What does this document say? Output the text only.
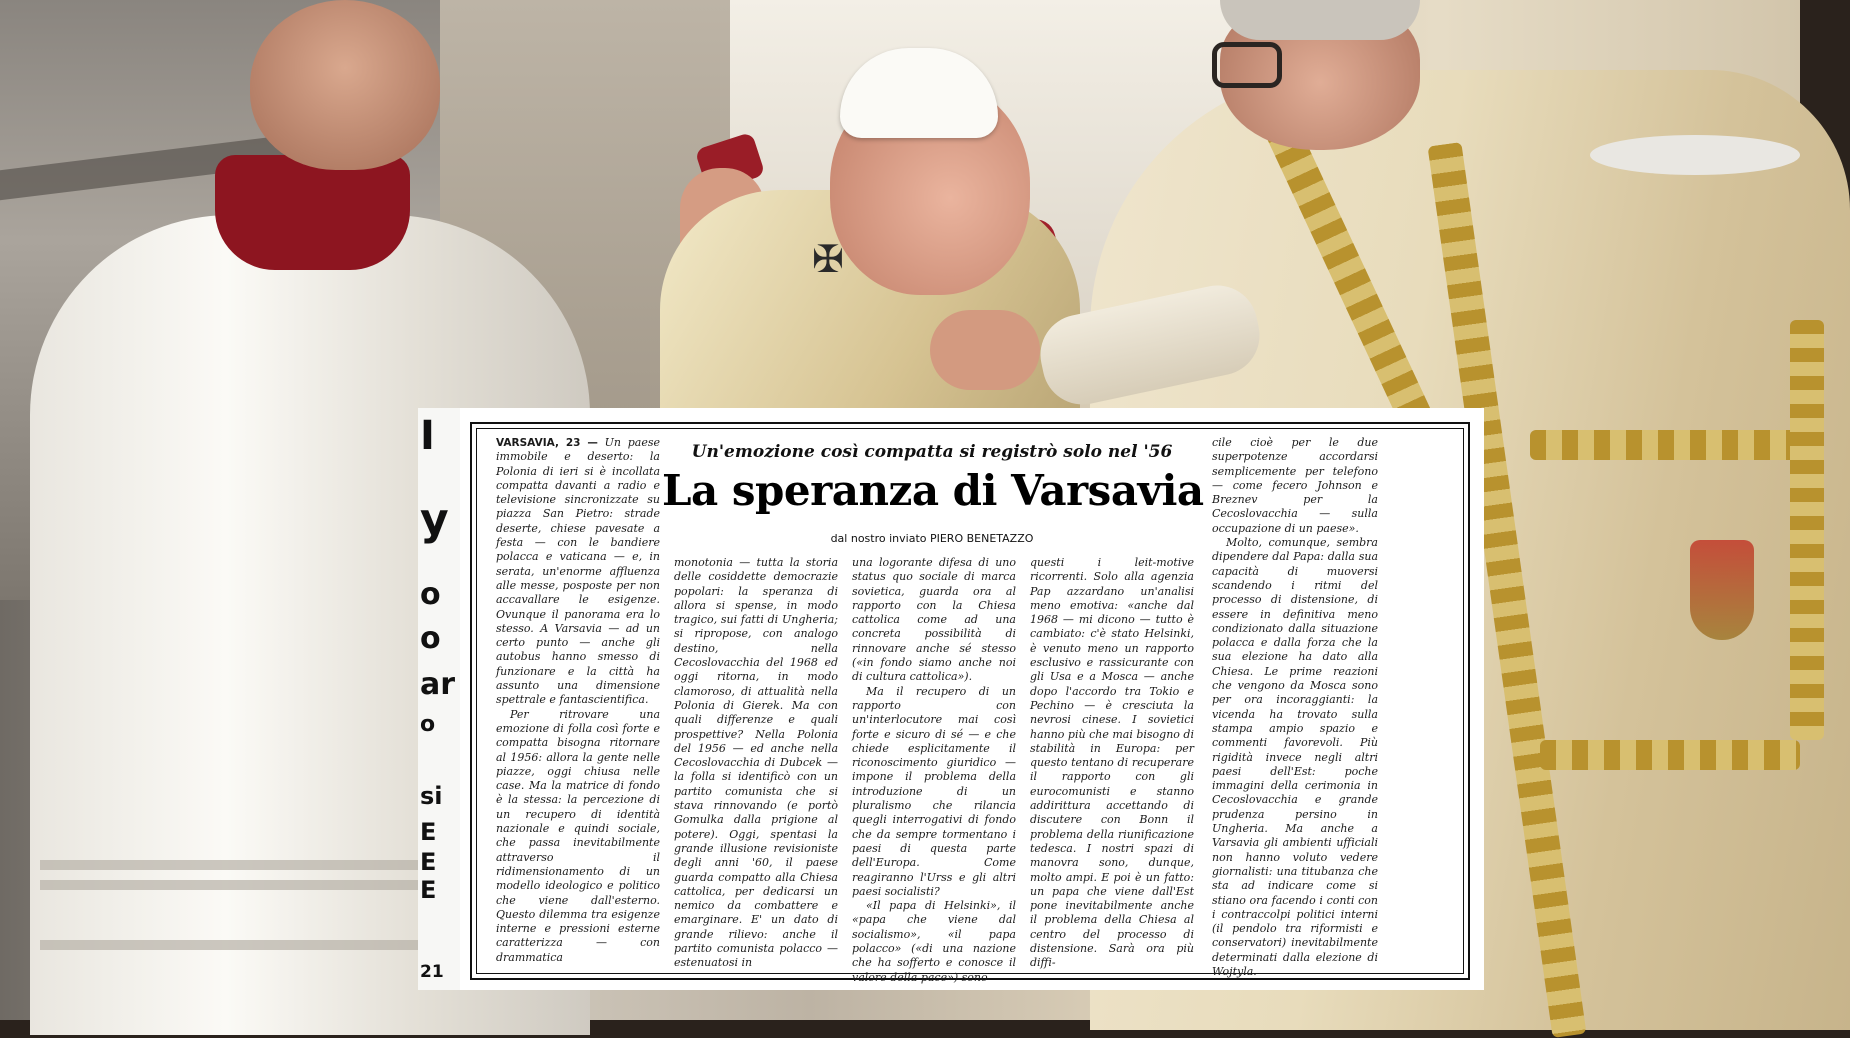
✠
I
y
o
o
ar
o
si
E
E
E
21
Un'emozione così compatta si registrò solo nel '56
La speranza di Varsavia
dal nostro inviato PIERO BENETAZZO

VARSAVIA, 23 — Un paese immobile e deserto: la Polonia di ieri si è incollata compatta davanti a radio e televisione sincronizzate su piazza San Pietro: strade deserte, chiese pavesate a festa — con le bandiere polacca e vaticana — e, in serata, un'enorme affluenza alle messe, posposte per non accavallare le esigenze. Ovunque il panorama era lo stesso. A Varsavia — ad un certo punto — anche gli autobus hanno smesso di funzionare e la città ha assunto una dimensione spettrale e fantascientifica.

Per ritrovare una emozione di folla così forte e compatta bisogna ritornare al 1956: allora la gente nelle piazze, oggi chiusa nelle case. Ma la matrice di fondo è la stessa: la percezione di un recupero di identità nazionale e quindi sociale, che passa inevitabilmente attraverso il ridimensionamento di un modello ideologico e politico che viene dall'esterno. Questo dilemma tra esigenze interne e pressioni esterne caratterizza — con drammatica

monotonia — tutta la storia delle cosiddette democrazie popolari: la speranza di allora si spense, in modo tragico, sui fatti di Ungheria; si ripropose, con analogo destino, nella Cecoslovacchia del 1968 ed oggi ritorna, in modo clamoroso, di attualità nella Polonia di Gierek. Ma con quali differenze e quali prospettive? Nella Polonia del 1956 — ed anche nella Cecoslovacchia di Dubcek — la folla si identificò con un partito comunista che si stava rinnovando (e portò Gomulka dalla prigione al potere). Oggi, spentasi la grande illusione revisioniste degli anni '60, il paese guarda compatto alla Chiesa cattolica, per dedicarsi un nemico da combattere e emarginare. E' un dato di grande rilievo: anche il partito comunista polacco — estenuatosi in

una logorante difesa di uno status quo sociale di marca sovietica, guarda ora al rapporto con la Chiesa cattolica come ad una concreta possibilità di rinnovare anche sé stesso («in fondo siamo anche noi di cultura cattolica»).

Ma il recupero di un rapporto con un'interlocutore mai così forte e sicuro di sé — e che chiede esplicitamente il riconoscimento giuridico — impone il problema della introduzione di un pluralismo che rilancia quegli interrogativi di fondo che da sempre tormentano i paesi di questa parte dell'Europa. Come reagiranno l'Urss e gli altri paesi socialisti?

«Il papa di Helsinki», il «papa che viene dal socialismo», «il papa polacco» («di una nazione che ha sofferto e conosce il valore della pace») sono

questi i leit-motive ricorrenti. Solo alla agenzia Pap azzardano un'analisi meno emotiva: «anche dal 1968 — mi dicono — tutto è cambiato: c'è stato Helsinki, è venuto meno un rapporto esclusivo e rassicurante con gli Usa e a Mosca — anche dopo l'accordo tra Tokio e Pechino — è cresciuta la nevrosi cinese. I sovietici hanno più che mai bisogno di stabilità in Europa: per questo tentano di recuperare il rapporto con gli eurocomunisti e stanno addirittura accettando di discutere con Bonn il problema della riunificazione tedesca. I nostri spazi di manovra sono, dunque, molto ampi. E poi è un fatto: un papa che viene dall'Est pone inevitabilmente anche il problema della Chiesa al centro del processo di distensione. Sarà ora più diffi-

cile cioè per le due superpotenze accordarsi semplicemente per telefono — come fecero Johnson e Breznev per la Cecoslovacchia — sulla occupazione di un paese».

Molto, comunque, sembra dipendere dal Papa: dalla sua capacità di muoversi scandendo i ritmi del processo di distensione, di essere in definitiva meno condizionato dalla situazione polacca e dalla forza che la sua elezione ha dato alla Chiesa. Le prime reazioni che vengono da Mosca sono per ora incoraggianti: la vicenda ha trovato sulla stampa ampio spazio e commenti favorevoli. Più rigidità invece negli altri paesi dell'Est: poche immagini della cerimonia in Cecoslovacchia e grande prudenza persino in Ungheria. Ma anche a Varsavia gli ambienti ufficiali non hanno voluto vedere giornalisti: una titubanza che sta ad indicare come si stiano ora facendo i conti con i contraccolpi politici interni (il pendolo tra riformisti e conservatori) inevitabilmente determinati dalla elezione di Wojtyla.
